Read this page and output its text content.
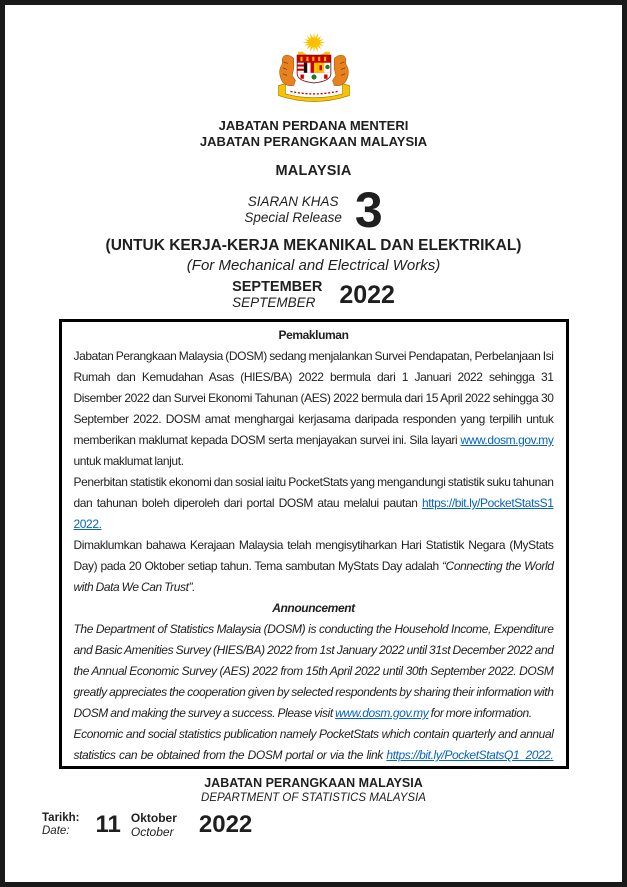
JABATAN PERDANA MENTERI
JABATAN PERANGKAAN MALAYSIA
MALAYSIA
SIARAN KHAS
Special Release 3
(UNTUK KERJA-KERJA MEKANIKAL DAN ELEKTRIKAL)
(For Mechanical and Electrical Works)
SEPTEMBER
SEPTEMBER 2022
Pemakluman

Jabatan Perangkaan Malaysia (DOSM) sedang menjalankan Survei Pendapatan, Perbelanjaan Isi Rumah dan Kemudahan Asas (HIES/BA) 2022 bermula dari 1 Januari 2022 sehingga 31 Disember 2022 dan Survei Ekonomi Tahunan (AES) 2022 bermula dari 15 April 2022 sehingga 30 September 2022. DOSM amat menghargai kerjasama daripada responden yang terpilih untuk memberikan maklumat kepada DOSM serta menjayakan survei ini. Sila layari www.dosm.gov.my untuk maklumat lanjut.

Penerbitan statistik ekonomi dan sosial iaitu PocketStats yang mengandungi statistik suku tahunan dan tahunan boleh diperoleh dari portal DOSM atau melalui pautan https://bit.ly/PocketStatsS1 2022.

Dimaklumkan bahawa Kerajaan Malaysia telah mengisytiharkan Hari Statistik Negara (MyStats Day) pada 20 Oktober setiap tahun. Tema sambutan MyStats Day adalah “Connecting the World with Data We Can Trust”.

Announcement

The Department of Statistics Malaysia (DOSM) is conducting the Household Income, Expenditure and Basic Amenities Survey (HIES/BA) 2022 from 1st January 2022 until 31st December 2022 and the Annual Economic Survey (AES) 2022 from 15th April 2022 until 30th September 2022. DOSM greatly appreciates the cooperation given by selected respondents by sharing their information with DOSM and making the survey a success. Please visit www.dosm.gov.my for more information.

Economic and social statistics publication namely PocketStats which contain quarterly and annual statistics can be obtained from the DOSM portal or via the link https://bit.ly/PocketStatsQ1_2022.

JABATAN PERANGKAAN MALAYSIA
DEPARTMENT OF STATISTICS MALAYSIA
Tarikh:
Date:	11 Oktober
October 2022
